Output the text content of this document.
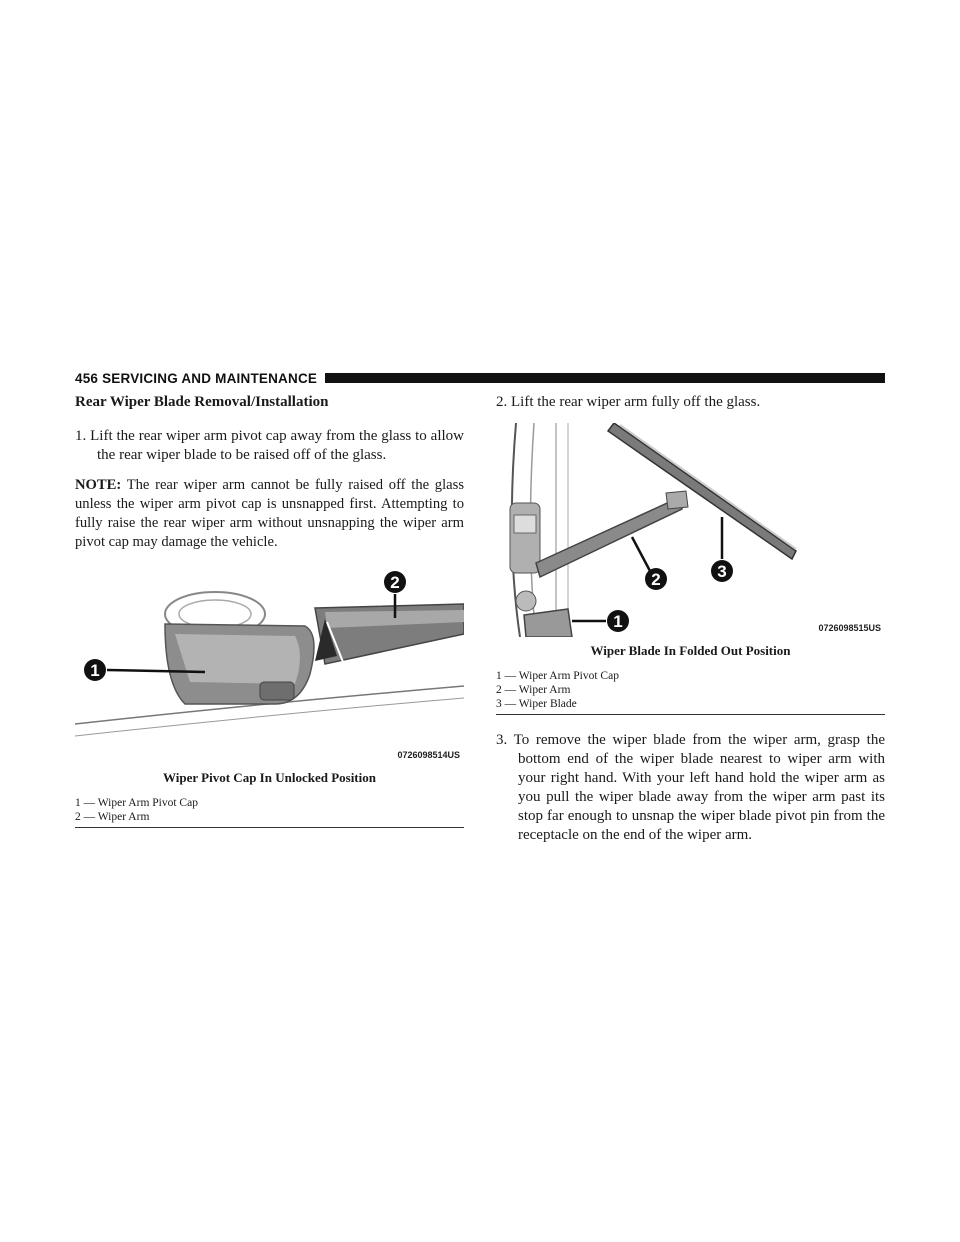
456 SERVICING AND MAINTENANCE
Rear Wiper Blade Removal/Installation

1. Lift the rear wiper arm pivot cap away from the glass to allow the rear wiper blade to be raised off of the glass.

NOTE: The rear wiper arm cannot be fully raised off the glass unless the wiper arm pivot cap is unsnapped first. Attempting to fully raise the rear wiper arm without unsnapping the wiper arm pivot cap may damage the vehicle.

1
2
0726098514US
Wiper Pivot Cap In Unlocked Position
1 — Wiper Arm Pivot Cap
2 — Wiper Arm

2. Lift the rear wiper arm fully off the glass.

1
2	3
0726098515US
Wiper Blade In Folded Out Position
1 — Wiper Arm Pivot Cap
2 — Wiper Arm
3 — Wiper Blade

3. To remove the wiper blade from the wiper arm, grasp the bottom end of the wiper blade nearest to wiper arm with your right hand. With your left hand hold the wiper arm as you pull the wiper blade away from the wiper arm past its stop far enough to unsnap the wiper blade pivot pin from the receptacle on the end of the wiper arm.
